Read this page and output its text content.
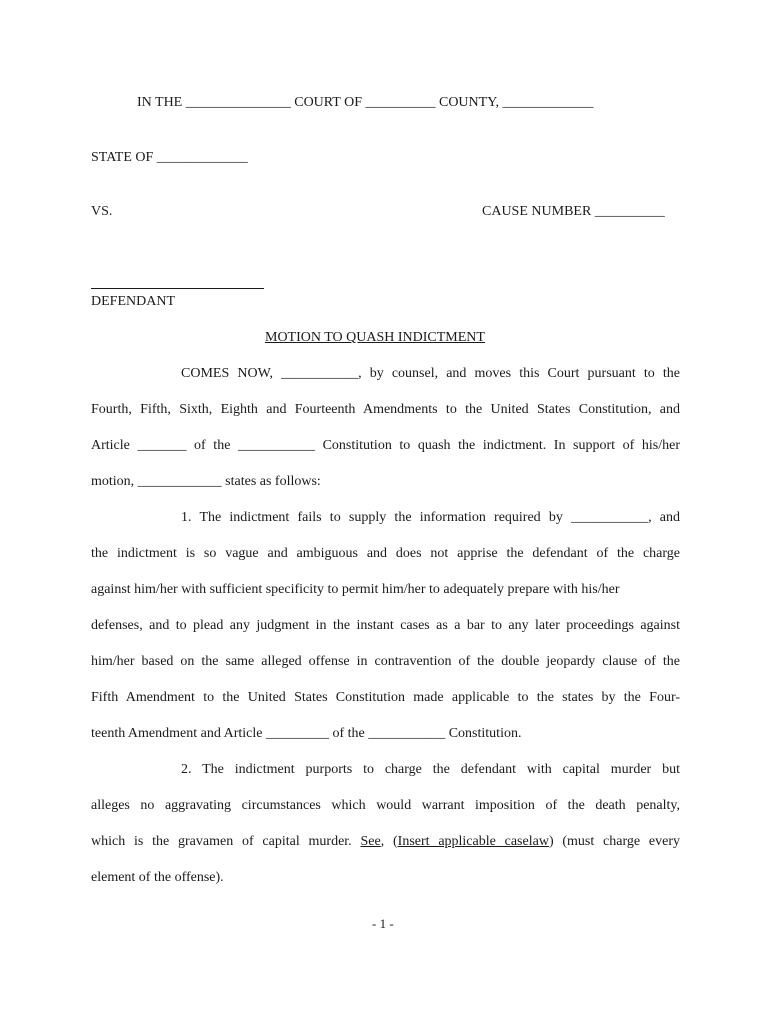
IN THE _______________ COURT OF __________ COUNTY, _____________
STATE OF _____________
VS.	CAUSE NUMBER __________
DEFENDANT
MOTION TO QUASH INDICTMENT
COMES NOW, ___________, by counsel, and moves this Court pursuant to the
Fourth, Fifth, Sixth, Eighth and Fourteenth Amendments to the United States Constitution, and
Article _______ of the ___________ Constitution to quash the indictment. In support of his/her
motion, ____________ states as follows:
1. The indictment fails to supply the information required by ___________, and
the indictment is so vague and ambiguous and does not apprise the defendant of the charge
against him/her with sufficient specificity to permit him/her to adequately prepare with his/her
defenses, and to plead any judgment in the instant cases as a bar to any later proceedings against
him/her based on the same alleged offense in contravention of the double jeopardy clause of the
Fifth Amendment to the United States Constitution made applicable to the states by the Four-
teenth Amendment and Article _________ of the ___________ Constitution.
2. The indictment purports to charge the defendant with capital murder but
alleges no aggravating circumstances which would warrant imposition of the death penalty,
which is the gravamen of capital murder. See, (Insert applicable caselaw) (must charge every
element of the offense).
- 1 -
